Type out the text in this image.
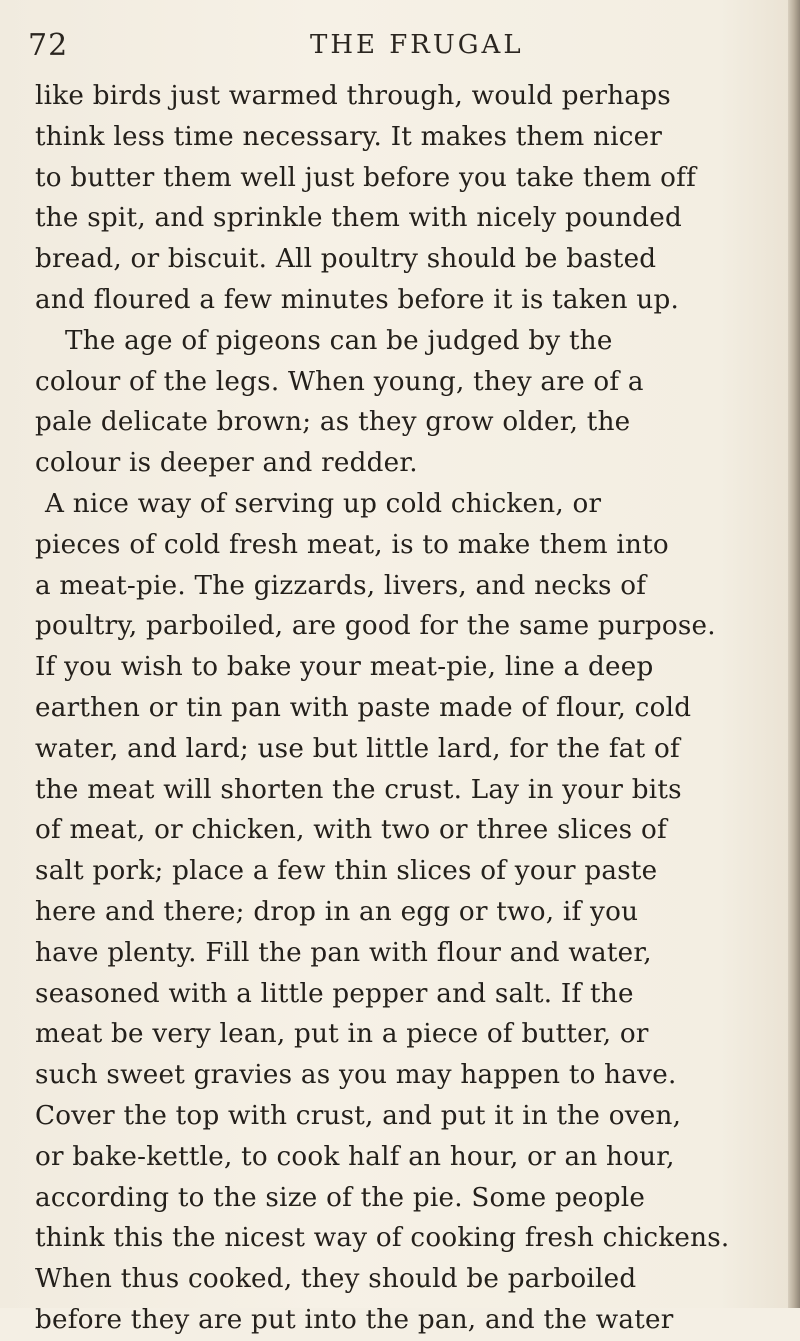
72	THE FRUGAL
like birds just warmed through, would perhaps
think less time necessary. It makes them nicer
to butter them well just before you take them off
the spit, and sprinkle them with nicely pounded
bread, or biscuit. All poultry should be basted
and floured a few minutes before it is taken up.
The age of pigeons can be judged by the
colour of the legs. When young, they are of a
pale delicate brown; as they grow older, the
colour is deeper and redder.
A nice way of serving up cold chicken, or
pieces of cold fresh meat, is to make them into
a meat-pie. The gizzards, livers, and necks of
poultry, parboiled, are good for the same purpose.
If you wish to bake your meat-pie, line a deep
earthen or tin pan with paste made of flour, cold
water, and lard; use but little lard, for the fat of
the meat will shorten the crust. Lay in your bits
of meat, or chicken, with two or three slices of
salt pork; place a few thin slices of your paste
here and there; drop in an egg or two, if you
have plenty. Fill the pan with flour and water,
seasoned with a little pepper and salt. If the
meat be very lean, put in a piece of butter, or
such sweet gravies as you may happen to have.
Cover the top with crust, and put it in the oven,
or bake-kettle, to cook half an hour, or an hour,
according to the size of the pie. Some people
think this the nicest way of cooking fresh chickens.
When thus cooked, they should be parboiled
before they are put into the pan, and the water
